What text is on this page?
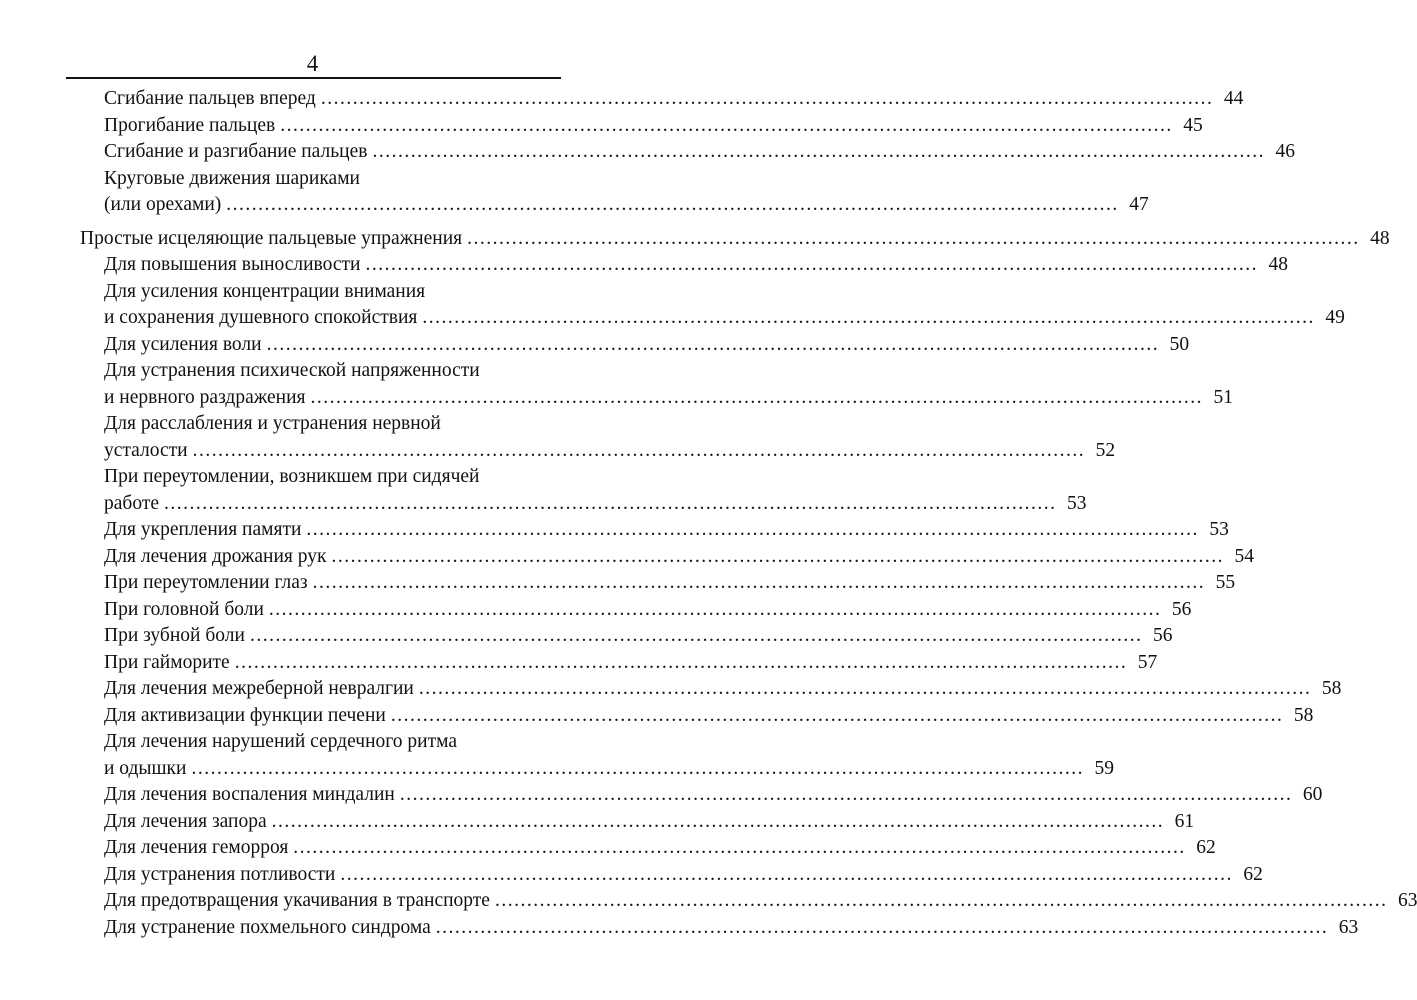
4
Сгибание пальцев вперед ............................................................................................................................................ 44
Прогибание пальцев ............................................................................................................................................ 45
Сгибание и разгибание пальцев ............................................................................................................................................ 46
Круговые движения шариками
(или орехами) ............................................................................................................................................ 47
Простые исцеляющие пальцевые упражнения ............................................................................................................................................ 48
Для повышения выносливости ............................................................................................................................................ 48
Для усиления концентрации внимания
и сохранения душевного спокойствия ............................................................................................................................................ 49
Для усиления воли ............................................................................................................................................ 50
Для устранения психической напряженности
и нервного раздражения ............................................................................................................................................ 51
Для расслабления и устранения нервной
усталости ............................................................................................................................................ 52
При переутомлении, возникшем при сидячей
работе ............................................................................................................................................ 53
Для укрепления памяти ............................................................................................................................................ 53
Для лечения дрожания рук ............................................................................................................................................ 54
При переутомлении глаз ............................................................................................................................................ 55
При головной боли ............................................................................................................................................ 56
При зубной боли ............................................................................................................................................ 56
При гайморите ............................................................................................................................................ 57
Для лечения межреберной невралгии ............................................................................................................................................ 58
Для активизации функции печени ............................................................................................................................................ 58
Для лечения нарушений сердечного ритма
и одышки ............................................................................................................................................ 59
Для лечения воспаления миндалин ............................................................................................................................................ 60
Для лечения запора ............................................................................................................................................ 61
Для лечения геморроя ............................................................................................................................................ 62
Для устранения потливости ............................................................................................................................................ 62
Для предотвращения укачивания в транспорте ............................................................................................................................................ 63
Для устранение похмельного синдрома ............................................................................................................................................ 63
